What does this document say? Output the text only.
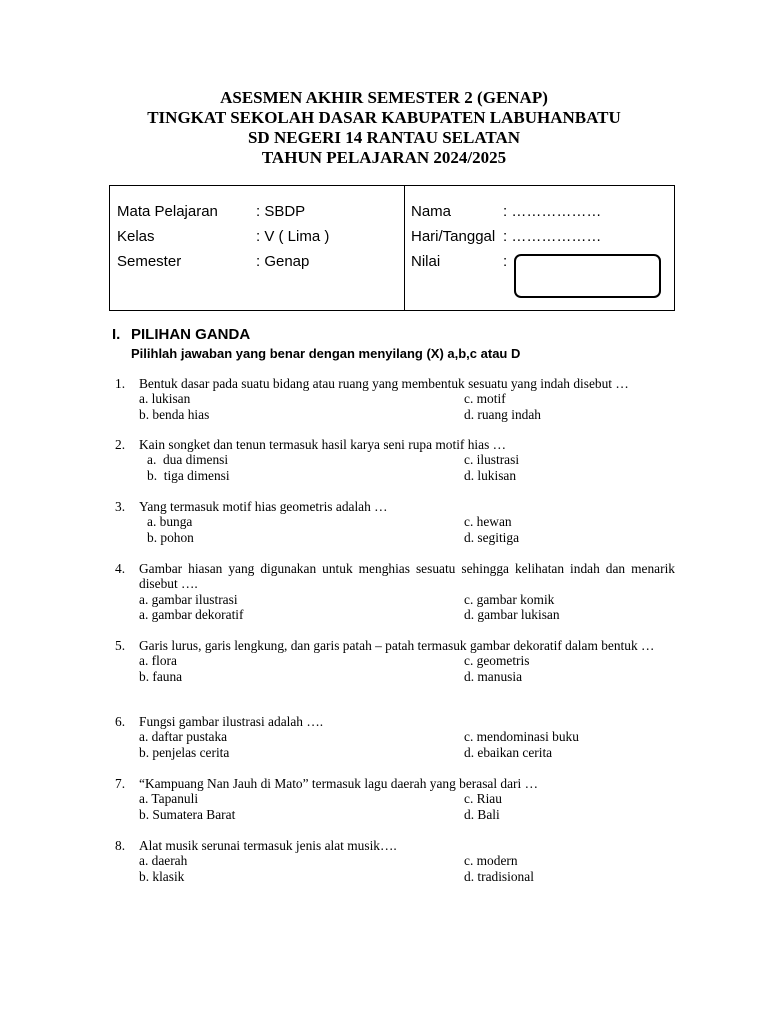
ASESMEN AKHIR SEMESTER 2 (GENAP)
TINGKAT SEKOLAH DASAR KABUPATEN LABUHANBATU
SD NEGERI 14 RANTAU SELATAN
TAHUN PELAJARAN 2024/2025
Mata Pelajaran	: SBDP
Kelas	: V ( Lima )
Semester	: Genap
Nama	: ………………
Hari/Tanggal : ………………
Nilai	:
I. PILIHAN GANDA
Pilihlah jawaban yang benar dengan menyilang (X) a,b,c atau D
1. Bentuk dasar pada suatu bidang atau ruang yang membentuk sesuatu yang indah disebut …
a. lukisan	c. motif
b. benda hias	d. ruang indah
2. Kain songket dan tenun termasuk hasil karya seni rupa motif hias …
a.  dua dimensi	c. ilustrasi
b.  tiga dimensi	d. lukisan
3. Yang termasuk motif hias geometris adalah …
a. bunga	c. hewan
b. pohon	d. segitiga
4. Gambar hiasan yang digunakan untuk menghias sesuatu sehingga kelihatan indah dan menarik disebut ….
a. gambar ilustrasi	c. gambar komik
a. gambar dekoratif	d. gambar lukisan
5. Garis lurus, garis lengkung, dan garis patah – patah termasuk gambar dekoratif dalam bentuk …
a. flora	c. geometris
b. fauna	d. manusia
6. Fungsi gambar ilustrasi adalah ….
a. daftar pustaka	c. mendominasi buku
b. penjelas cerita	d. ebaikan cerita
7. “Kampuang Nan Jauh di Mato” termasuk lagu daerah yang berasal dari …
a. Tapanuli	c. Riau
b. Sumatera Barat	d. Bali
8. Alat musik serunai termasuk jenis alat musik….
a. daerah	c. modern
b. klasik	d. tradisional
